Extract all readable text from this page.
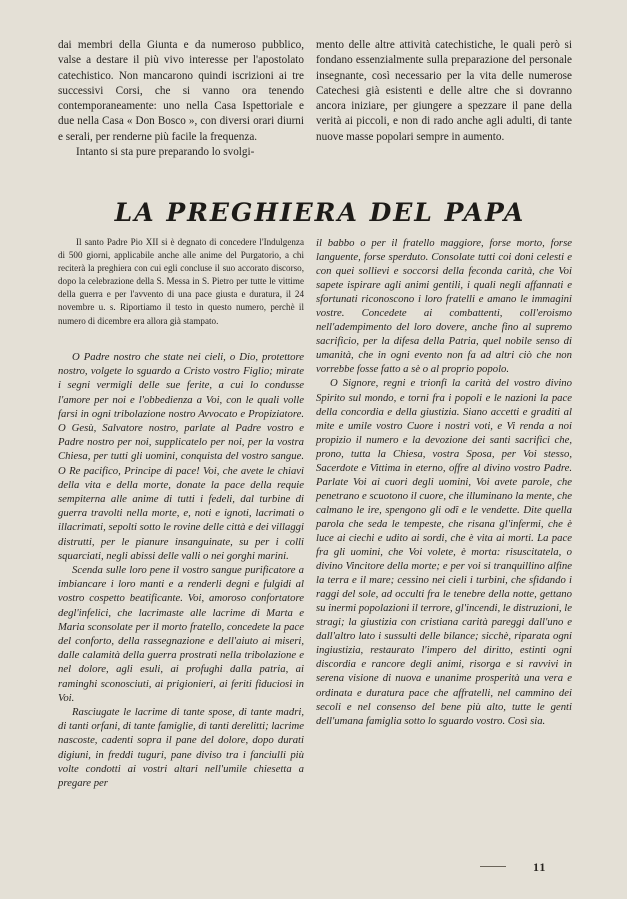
dai membri della Giunta e da numeroso pubblico, valse a destare il più vivo interesse per l'apostolato catechistico. Non mancarono quindi iscrizioni ai tre successivi Corsi, che si vanno ora tenendo contemporaneamente: uno nella Casa Ispettoriale e due nella Casa « Don Bosco », con diversi orari diurni e serali, per renderne più facile la frequenza.

Intanto si sta pure preparando lo svolgi-

mento delle altre attività catechistiche, le quali però si fondano essenzialmente sulla preparazione del personale insegnante, così necessario per la vita delle numerose Catechesi già esistenti e delle altre che si dovranno ancora iniziare, per giungere a spezzare il pane della verità ai piccoli, e non di rado anche agli adulti, di tante nuove masse popolari sempre in aumento.

LA PREGHIERA DEL PAPA

Il santo Padre Pio XII si è degnato di concedere l'Indulgenza di 500 giorni, applicabile anche alle anime del Purgatorio, a chi reciterà la preghiera con cui egli concluse il suo accorato discorso, dopo la celebrazione della S. Messa in S. Pietro per tutte le vittime della guerra e per l'avvento di una pace giusta e duratura, il 24 novembre u. s. Riportiamo il testo in questo numero, perchè il numero di dicembre era allora già stampato.

O Padre nostro che state nei cieli, o Dio, protettore nostro, volgete lo sguardo a Cristo vostro Figlio; mirate i segni vermigli delle sue ferite, a cui lo condusse l'amore per noi e l'obbedienza a Voi, con le quali volle farsi in ogni tribolazione nostro Avvocato e Propiziatore. O Gesù, Salvatore nostro, parlate al Padre vostro e Padre nostro per noi, supplicatelo per noi, per la vostra Chiesa, per tutti gli uomini, conquista del vostro sangue. O Re pacifico, Principe di pace! Voi, che avete le chiavi della vita e della morte, donate la pace della requie sempiterna alle anime di tutti i fedeli, dal turbine di guerra travolti nella morte, e, noti e ignoti, lacrimati o illacrimati, sepolti sotto le rovine delle città e dei villaggi distrutti, per le pianure insanguinate, su per i colli squarciati, negli abissi delle valli o nei gorghi marini.

Scenda sulle loro pene il vostro sangue purificatore a imbiancare i loro manti e a renderli degni e fulgidi al vostro cospetto beatificante. Voi, amoroso confortatore degl'infelici, che lacrimaste alle lacrime di Marta e Maria sconsolate per il morto fratello, concedete la pace del conforto, della rassegnazione e dell'aiuto ai miseri, dalle calamità della guerra prostrati nella tribolazione e nel dolore, agli esuli, ai profughi dalla patria, ai raminghi sconosciuti, ai prigionieri, ai feriti fiduciosi in Voi.

Rasciugate le lacrime di tante spose, di tante madri, di tanti orfani, di tante famiglie, di tanti derelitti; lacrime nascoste, cadenti sopra il pane del dolore, dopo durati digiuni, in freddi tuguri, pane diviso tra i fanciulli più volte condotti ai vostri altari nell'umile chiesetta a pregare per

il babbo o per il fratello maggiore, forse morto, forse languente, forse sperduto. Consolate tutti coi doni celesti e con quei sollievi e soccorsi della feconda carità, che Voi sapete ispirare agli animi gentili, i quali negli affannati e sfortunati riconoscono i loro fratelli e amano le immagini vostre. Concedete ai combattenti, coll'eroismo nell'adempimento del loro dovere, anche fino al supremo sacrificio, per la difesa della Patria, quel nobile senso di umanità, che in ogni evento non fa ad altri ciò che non vorrebbe fosse fatto a sè o al proprio popolo.

O Signore, regni e trionfi la carità del vostro divino Spirito sul mondo, e torni fra i popoli e le nazioni la pace della concordia e della giustizia. Siano accetti e graditi al mite e umile vostro Cuore i nostri voti, e Vi renda a noi propizio il numero e la devozione dei santi sacrifici che, prono, tutta la Chiesa, vostra Sposa, per Voi stesso, Sacerdote e Vittima in eterno, offre al divino vostro Padre. Parlate Voi ai cuori degli uomini, Voi avete parole, che penetrano e scuotono il cuore, che illuminano la mente, che calmano le ire, spengono gli odî e le vendette. Dite quella parola che seda le tempeste, che risana gl'infermi, che è luce ai ciechi e udito ai sordi, che è vita ai morti. La pace fra gli uomini, che Voi volete, è morta: risuscitatela, o divino Vincitore della morte; e per voi si tranquillino alfine la terra e il mare; cessino nei cieli i turbini, che sfidando i raggi del sole, ad occulti fra le tenebre della notte, gettano su inermi popolazioni il terrore, gl'incendi, le distruzioni, le stragi; la giustizia con cristiana carità pareggi dall'uno e dall'altro lato i sussulti delle bilance; sicchè, riparata ogni ingiustizia, restaurato l'impero del diritto, estinti ogni discordia e rancore degli animi, risorga e si ravvivi in serena visione di nuova e unanime prosperità una vera e ordinata e duratura pace che affratelli, nel cammino dei secoli e nel consenso del bene più alto, tutte le genti dell'umana famiglia sotto lo sguardo vostro. Così sia.

11
